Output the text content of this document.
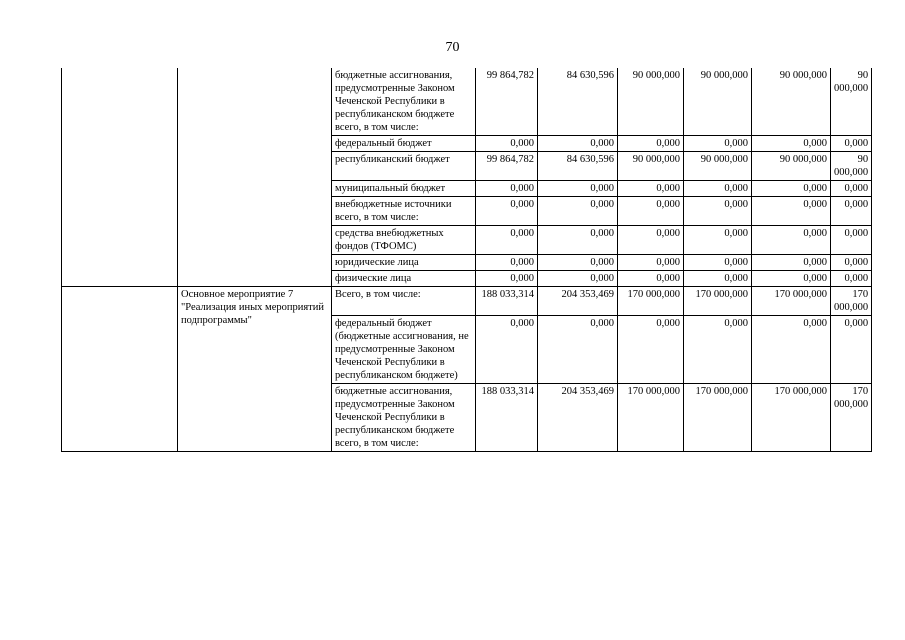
70
		бюджетные ассигнования, предусмотренные Законом Чеченской Республики в республиканском бюджете всего, в том числе:	99 864,782	84 630,596	90 000,000	90 000,000	90 000,000	90 000,000
		федеральный бюджет	0,000	0,000	0,000	0,000	0,000	0,000
		республиканский бюджет	99 864,782	84 630,596	90 000,000	90 000,000	90 000,000	90 000,000
		муниципальный бюджет	0,000	0,000	0,000	0,000	0,000	0,000
		внебюджетные источники всего, в том числе:	0,000	0,000	0,000	0,000	0,000	0,000
		средства внебюджетных фондов (ТФОМС)	0,000	0,000	0,000	0,000	0,000	0,000
		юридические лица	0,000	0,000	0,000	0,000	0,000	0,000
		физические лица	0,000	0,000	0,000	0,000	0,000	0,000
	Основное мероприятие 7 "Реализация иных мероприятий подпрограммы"	Всего, в том числе:	188 033,314	204 353,469	170 000,000	170 000,000	170 000,000	170 000,000
		федеральный бюджет (бюджетные ассигнования, не предусмотренные Законом Чеченской Республики в республиканском бюджете)	0,000	0,000	0,000	0,000	0,000	0,000
		бюджетные ассигнования, предусмотренные Законом Чеченской Республики в республиканском бюджете всего, в том числе:	188 033,314	204 353,469	170 000,000	170 000,000	170 000,000	170 000,000
